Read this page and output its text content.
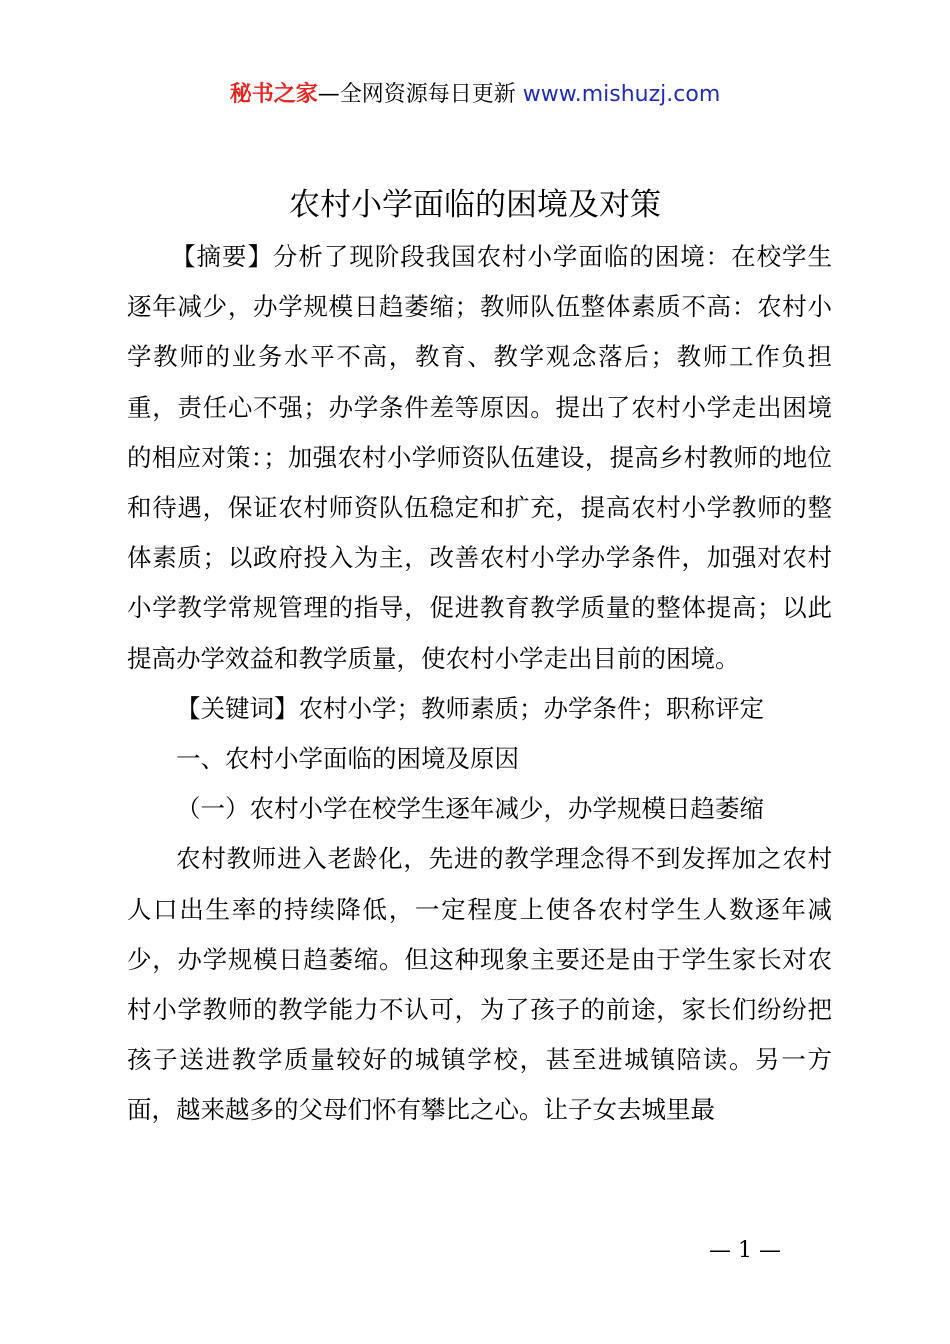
秘书之家—全网资源每日更新 www.mishuzj.com
农村小学面临的困境及对策

【摘要】分析了现阶段我国农村小学面临的困境：在校学生逐年减少，办学规模日趋萎缩；教师队伍整体素质不高：农村小学教师的业务水平不高，教育、教学观念落后；教师工作负担重，责任心不强；办学条件差等原因。提出了农村小学走出困境的相应对策：；加强农村小学师资队伍建设，提高乡村教师的地位和待遇，保证农村师资队伍稳定和扩充，提高农村小学教师的整体素质；以政府投入为主，改善农村小学办学条件，加强对农村小学教学常规管理的指导，促进教育教学质量的整体提高；以此提高办学效益和教学质量，使农村小学走出目前的困境。

【关键词】农村小学；教师素质；办学条件；职称评定

一、农村小学面临的困境及原因

（一）农村小学在校学生逐年减少，办学规模日趋萎缩

农村教师进入老龄化，先进的教学理念得不到发挥加之农村人口出生率的持续降低，一定程度上使各农村学生人数逐年减少，办学规模日趋萎缩。但这种现象主要还是由于学生家长对农村小学教师的教学能力不认可，为了孩子的前途，家长们纷纷把孩子送进教学质量较好的城镇学校，甚至进城镇陪读。另一方面，越来越多的父母们怀有攀比之心。让子女去城里最

— 1 —
